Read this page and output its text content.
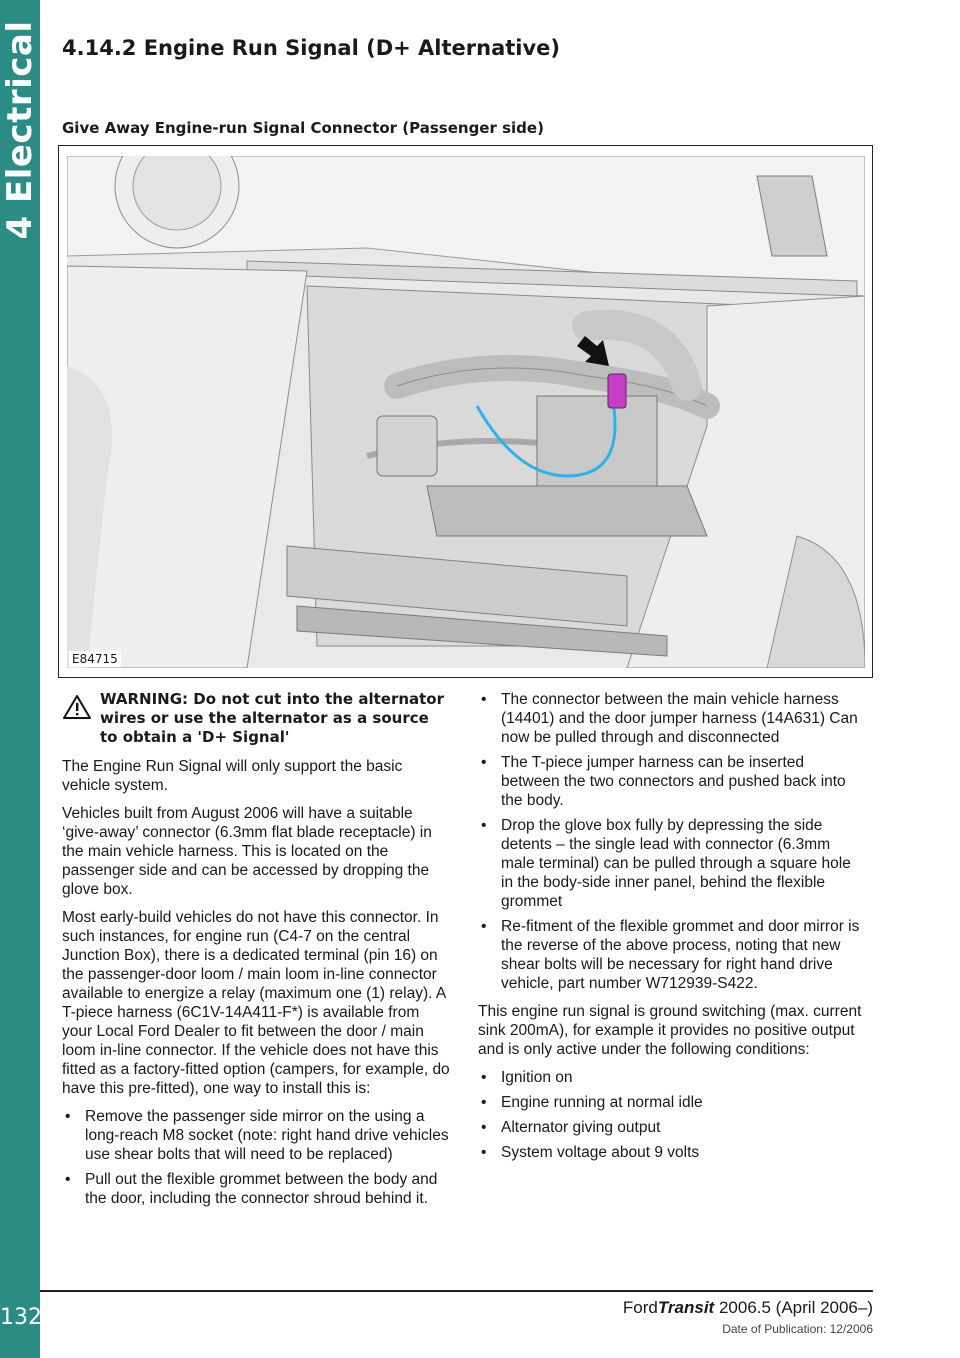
4 Electrical
132
4.14.2 Engine Run Signal (D+ Alternative)
Give Away Engine-run Signal Connector (Passenger side)
E84715
WARNING: Do not cut into the alternator wires or use the alternator as a source to obtain a 'D+ Signal'

The Engine Run Signal will only support the basic vehicle system.

Vehicles built from August 2006 will have a suitable ‘give-away’ connector (6.3mm flat blade receptacle) in the main vehicle harness. This is located on the passenger side and can be accessed by dropping the glove box.

Most early-build vehicles do not have this connector. In such instances, for engine run (C4-7 on the central Junction Box), there is a dedicated terminal (pin 16) on the passenger-door loom / main loom in-line connector available to energize a relay (maximum one (1) relay). A T-piece harness (6C1V-14A411-F*) is available from your Local Ford Dealer to fit between the door / main loom in-line connector. If the vehicle does not have this fitted as a factory-fitted option (campers, for example, do have this pre-fitted), one way to install this is:

• Remove the passenger side mirror on the using a long-reach M8 socket (note: right hand drive vehicles use shear bolts that will need to be replaced)
• Pull out the flexible grommet between the body and the door, including the connector shroud behind it.
• The connector between the main vehicle harness (14401) and the door jumper harness (14A631) Can now be pulled through and disconnected
• The T-piece jumper harness can be inserted between the two connectors and pushed back into the body.
• Drop the glove box fully by depressing the side detents – the single lead with connector (6.3mm male terminal) can be pulled through a square hole in the body-side inner panel, behind the flexible grommet
• Re-fitment of the flexible grommet and door mirror is the reverse of the above process, noting that new shear bolts will be necessary for right hand drive vehicle, part number W712939-S422.

This engine run signal is ground switching (max. current sink 200mA), for example it provides no positive output and is only active under the following conditions:

• Ignition on
• Engine running at normal idle
• Alternator giving output
• System voltage about 9 volts
FordTransit 2006.5 (April 2006–)
Date of Publication: 12/2006
